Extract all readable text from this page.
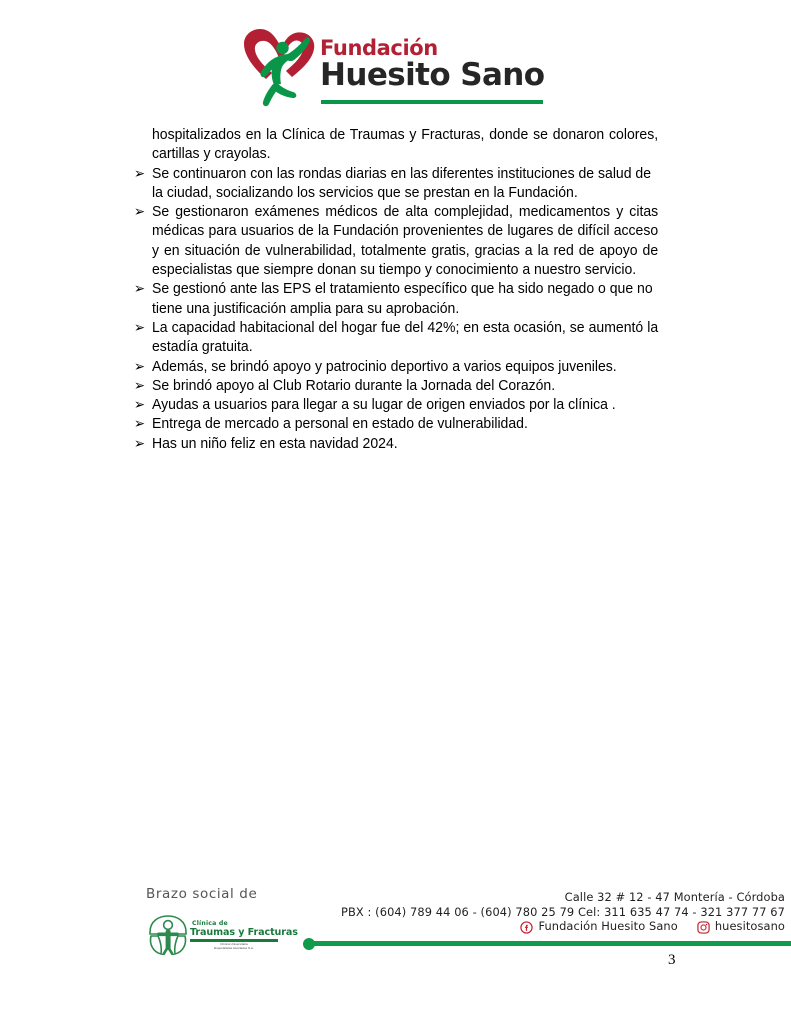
Fundación
Huesito Sano
hospitalizados en la Clínica de Traumas y Fracturas, donde se donaron colores, cartillas y crayolas.
➢ Se continuaron con las rondas diarias en las diferentes instituciones de salud de la ciudad, socializando los servicios que se prestan en la Fundación.
➢ Se gestionaron exámenes médicos de alta complejidad, medicamentos y citas médicas para usuarios de la Fundación provenientes de lugares de difícil acceso y en situación de vulnerabilidad, totalmente gratis, gracias a la red de apoyo de especialistas que siempre donan su tiempo y conocimiento a nuestro servicio.
➢ Se gestionó ante las EPS el tratamiento específico que ha sido negado o que no tiene una justificación amplia para su aprobación.
➢ La capacidad habitacional del hogar fue del 42%; en esta ocasión, se aumentó la estadía gratuita.
➢ Además, se brindó apoyo y patrocinio deportivo a varios equipos juveniles.
➢ Se brindó apoyo al Club Rotario durante la Jornada del Corazón.
➢ Ayudas a usuarios para llegar a su lugar de origen enviados por la clínica .
➢ Entrega de mercado a personal en estado de vulnerabilidad.
➢ Has un niño feliz en esta navidad 2024.
Brazo social de
Clínica de
Traumas y Fracturas
Clínica Universitaria
Especialistas Asociados S.A.
Calle 32 # 12 - 47 Montería - Córdoba
PBX : (604) 789 44 06 - (604) 780 25 79 Cel: 311 635 47 74 - 321 377 77 67
Fundación Huesito Sano	huesitosano
3
